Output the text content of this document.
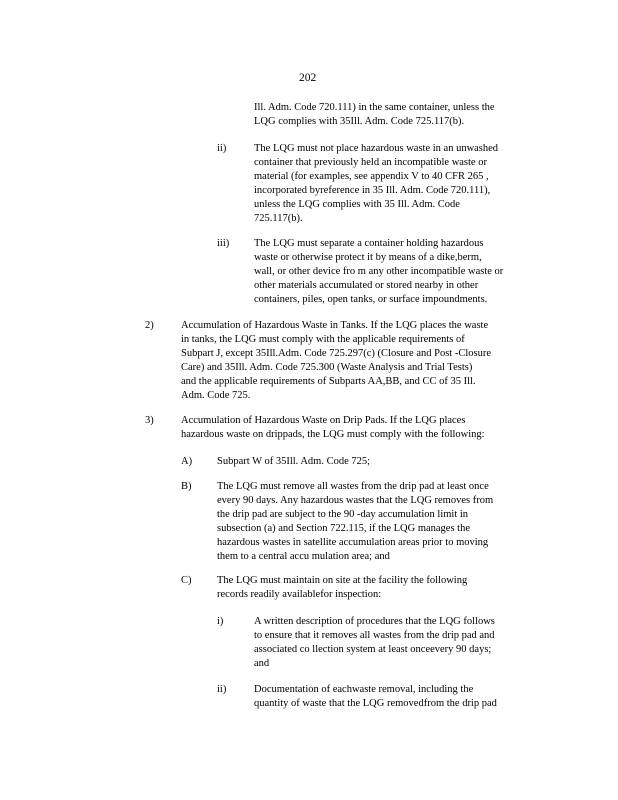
202
Ill. Adm. Code 720.111) in the same container, unless the
LQG complies with 35Ill. Adm. Code 725.117(b).
ii)	The LQG must not place hazardous waste in an unwashed
container that previously held an incompatible waste or
material (for examples, see appendix V to 40 CFR 265 ,
incorporated byreference in 35 Ill. Adm. Code 720.111),
unless the LQG complies with 35 Ill. Adm. Code
725.117(b).
iii) The LQG must separate a container holding hazardous
waste or otherwise protect it by means of a dike,berm,
wall, or other device fro m any other incompatible waste or
other materials accumulated or stored nearby in other
containers, piles, open tanks, or surface impoundments.
2)	Accumulation of Hazardous Waste in Tanks. If the LQG places the waste
in tanks, the LQG must comply with the applicable requirements of
Subpart J, except 35Ill.Adm. Code 725.297(c) (Closure and Post -Closure
Care) and 35Ill. Adm. Code 725.300 (Waste Analysis and Trial Tests)
and the applicable requirements of Subparts AA,BB, and CC of 35 Ill.
Adm. Code 725.
3)	Accumulation of Hazardous Waste on Drip Pads. If the LQG places
hazardous waste on drippads, the LQG must comply with the following:
A) Subpart W of 35Ill. Adm. Code 725;
B) The LQG must remove all wastes from the drip pad at least once
every 90 days. Any hazardous wastes that the LQG removes from
the drip pad are subject to the 90 -day accumulation limit in
subsection (a) and Section 722.115, if the LQG manages the
hazardous wastes in satellite accumulation areas prior to moving
them to a central accu mulation area; and
C) The LQG must maintain on site at the facility the following
records readily availablefor inspection:
i)	A written description of procedures that the LQG follows
to ensure that it removes all wastes from the drip pad and
associated co llection system at least onceevery 90 days;
and
ii)	Documentation of eachwaste removal, including the
quantity of waste that the LQG removedfrom the drip pad
